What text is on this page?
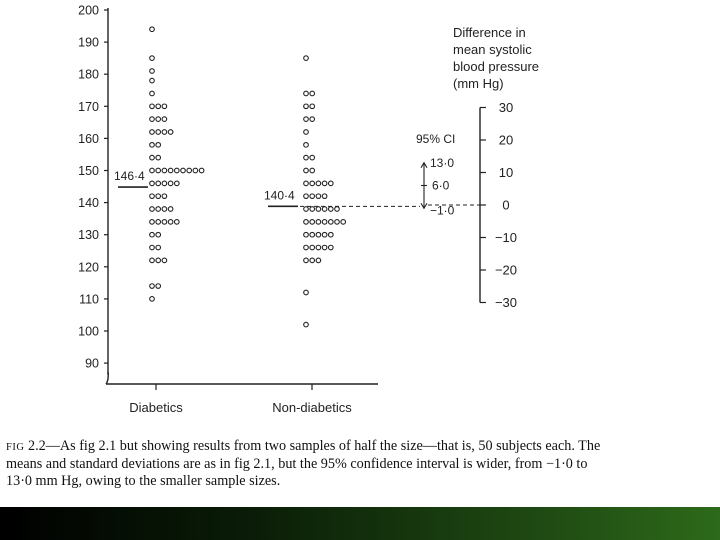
90
100
110
120
130
140
150
160
170
180
190
200
146·4
140·4
Diabetics	Non-diabetics
30
20
10
0
−10
−20
−30
Difference in
mean systolic
blood pressure
(mm Hg)
95% CI
13·0
6·0
−1·0
FIG 2.2—As fig 2.1 but showing results from two samples of half the size—that is, 50 subjects each. The means and standard deviations are as in fig 2.1, but the 95% confidence interval is wider, from −1·0 to 13·0 mm Hg, owing to the smaller sample sizes.
